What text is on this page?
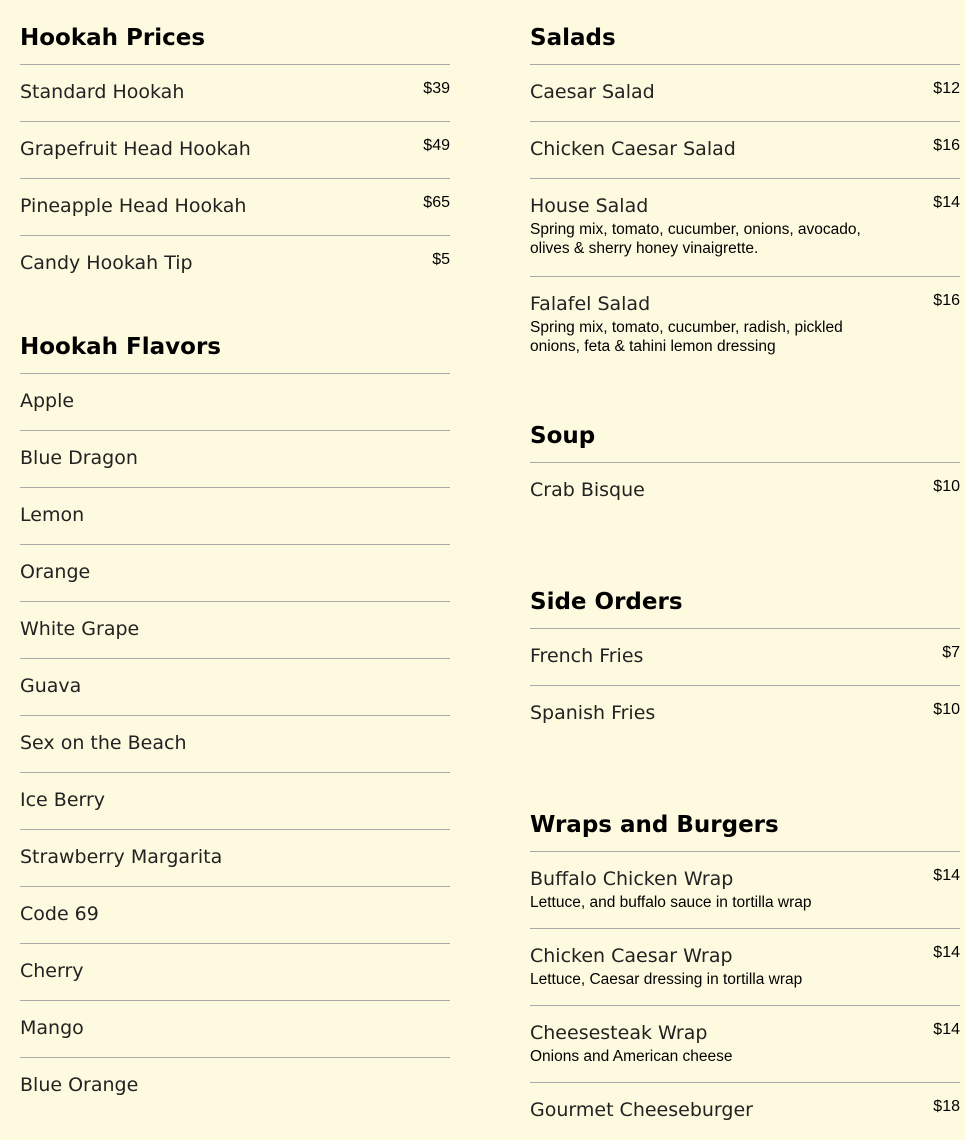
Hookah Prices
Standard Hookah	$39
Grapefruit Head Hookah	$49
Pineapple Head Hookah	$65
Candy Hookah Tip	$5
Hookah Flavors
Apple
Blue Dragon
Lemon
Orange
White Grape
Guava
Sex on the Beach
Ice Berry
Strawberry Margarita
Code 69
Cherry
Mango
Blue Orange
Salads
Caesar Salad	$12
Chicken Caesar Salad	$16
House Salad	$14
Spring mix, tomato, cucumber, onions, avocado, olives & sherry honey vinaigrette.
Falafel Salad	$16
Spring mix, tomato, cucumber, radish, pickled onions, feta & tahini lemon dressing
Soup
Crab Bisque	$10
Side Orders
French Fries	$7
Spanish Fries	$10
Wraps and Burgers
Buffalo Chicken Wrap	$14
Lettuce, and buffalo sauce in tortilla wrap
Chicken Caesar Wrap	$14
Lettuce, Caesar dressing in tortilla wrap
Cheesesteak Wrap	$14
Onions and American cheese
Gourmet Cheeseburger	$18
